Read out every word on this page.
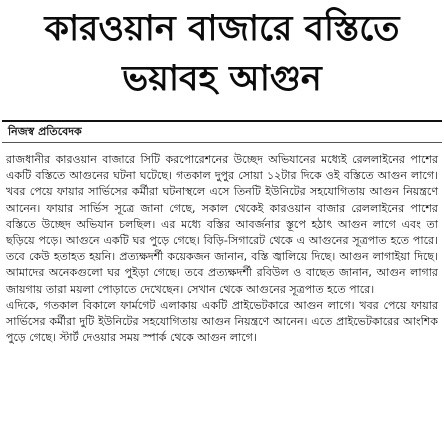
কারওয়ান বাজারে বস্তিতে
ভয়াবহ আগুন
নিজস্ব প্রতিবেদক

রাজধানীর কারওয়ান বাজারে সিটি করপোরেশনের উচ্ছেদ অভিযানের মধ্যেই রেললাইনের পাশের একটি বস্তিতে আগুনের ঘটনা ঘটেছে। গতকাল দুপুর সোয়া ১২টার দিকে ওই বস্তিতে আগুন লাগে। খবর পেয়ে ফায়ার সার্ভিসের কর্মীরা ঘটনাস্থলে এসে তিনটি ইউনিটের সহযোগিতায় আগুন নিয়ন্ত্রণে আনেন। ফায়ার সার্ভিস সূত্রে জানা গেছে, সকাল থেকেই কারওয়ান বাজার রেললাইনের পাশের বস্তিতে উচ্ছেদ অভিযান চলছিল। এর মধ্যে বস্তির আবর্জনার স্তূপে হঠাৎ আগুন লাগে এবং তা ছড়িয়ে পড়ে। আগুনে একটি ঘর পুড়ে গেছে। বিড়ি-সিগারেট থেকে এ আগুনের সূত্রপাত হতে পারে। তবে কেউ হতাহত হয়নি। প্রত্যক্ষদর্শী কয়েকজন জানান, বস্তি জ্বালিয়ে দিছে। আগুন লাগাইয়া দিছে। আমাদের অনেকগুলো ঘর পুইড়া গেছে। তবে প্রত্যক্ষদর্শী রবিউল ও বাছেত জানান, আগুন লাগার জায়গায় তারা ময়লা পোড়াতে দেখেছেন। সেখান থেকে আগুনের সূত্রপাত হতে পারে।

এদিকে, গতকাল বিকালে ফার্মগেট এলাকায় একটি প্রাইভেটকারে আগুন লাগে। খবর পেয়ে ফায়ার সার্ভিসের কর্মীরা দুটি ইউনিটের সহযোগিতায় আগুন নিয়ন্ত্রণে আনেন। এতে প্রাইভেটকারের আংশিক পুড়ে গেছে। স্টার্ট দেওয়ার সময় স্পার্ক থেকে আগুন লাগে।
